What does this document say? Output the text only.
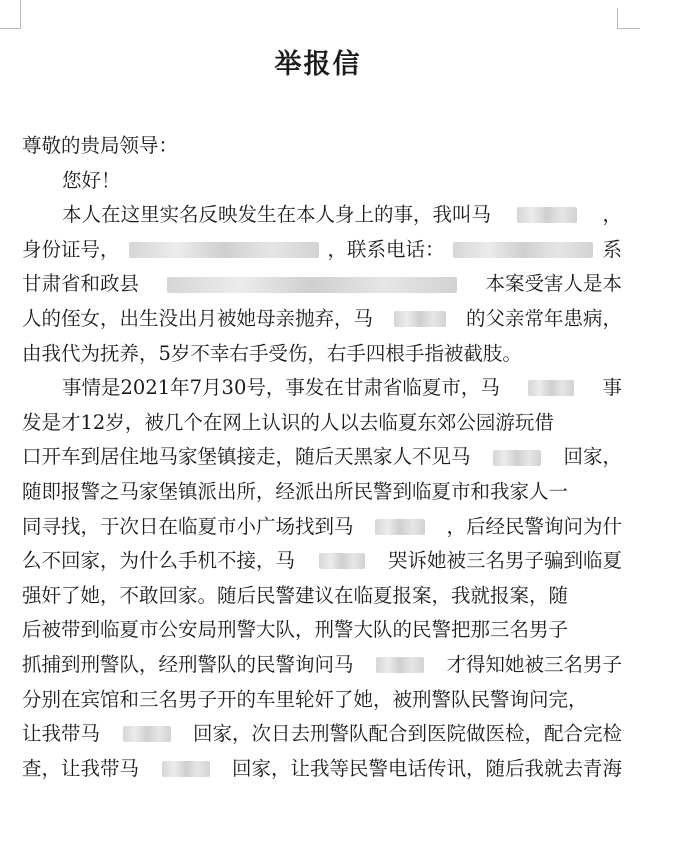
举报信
尊敬的贵局领导：
您好！
本人在这里实名反映发生在本人身上的事，我叫马	，
身份证号，	，联系电话：	系
甘肃省和政县	本案受害人是本
人的侄女，出生没出月被她母亲抛弃，马	的父亲常年患病，
由我代为抚养，5岁不幸右手受伤，右手四根手指被截肢。
事情是2021年7月30号，事发在甘肃省临夏市，马	事
发是才12岁，被几个在网上认识的人以去临夏东郊公园游玩借
口开车到居住地马家堡镇接走，随后天黑家人不见马	回家，
随即报警之马家堡镇派出所，经派出所民警到临夏市和我家人一
同寻找，于次日在临夏市小广场找到马	，后经民警询问为什
么不回家，为什么手机不接，马	哭诉她被三名男子骗到临夏
强奸了她，不敢回家。随后民警建议在临夏报案，我就报案，随
后被带到临夏市公安局刑警大队，刑警大队的民警把那三名男子
抓捕到刑警队，经刑警队的民警询问马	才得知她被三名男子
分别在宾馆和三名男子开的车里轮奸了她，被刑警队民警询问完，
让我带马	回家，次日去刑警队配合到医院做医检，配合完检
查，让我带马	回家，让我等民警电话传讯，随后我就去青海
